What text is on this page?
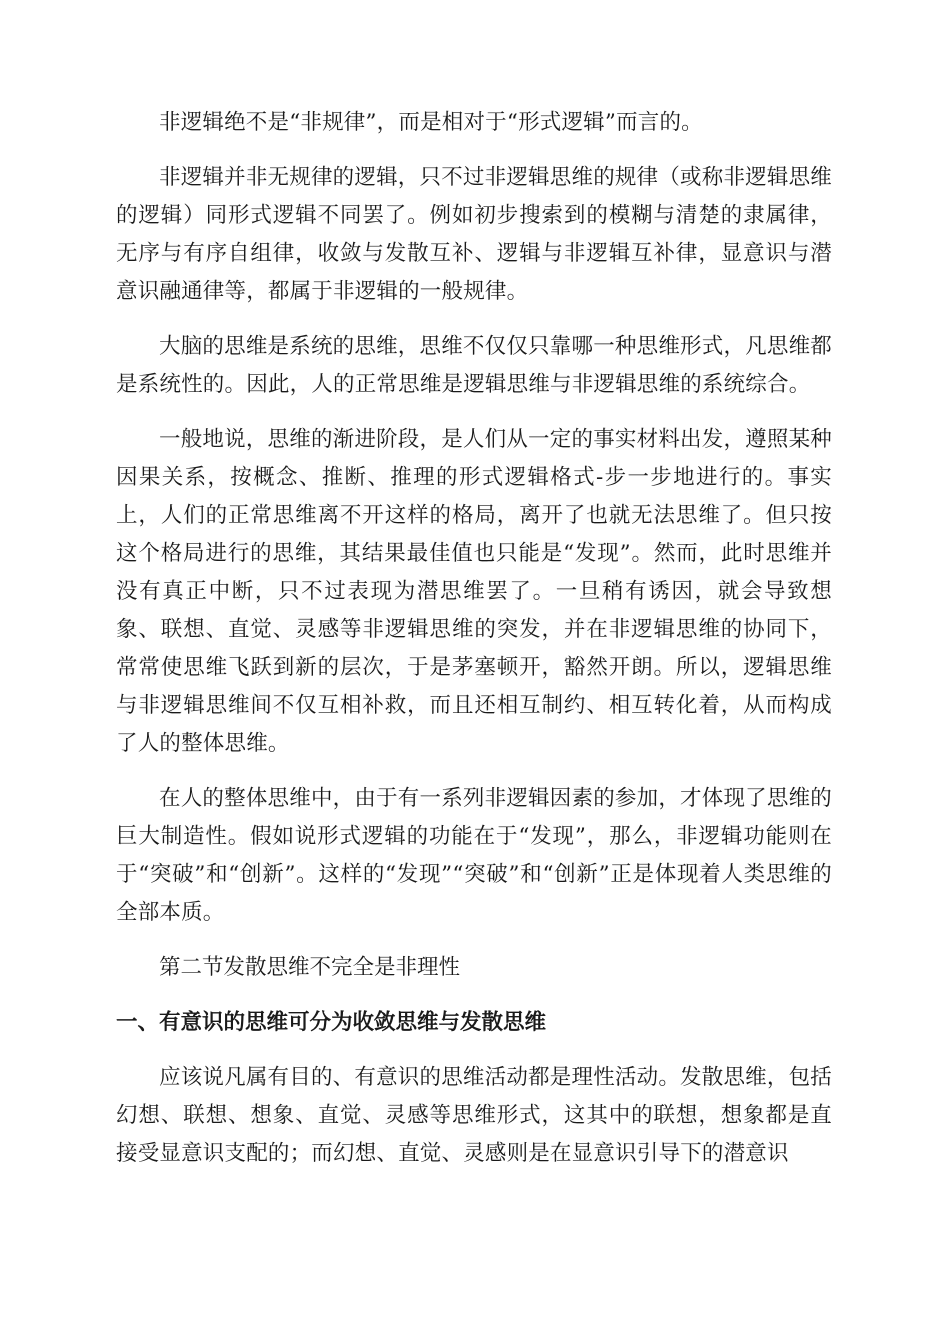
非逻辑绝不是“非规律”，而是相对于“形式逻辑”而言的。

非逻辑并非无规律的逻辑，只不过非逻辑思维的规律（或称非逻辑思维的逻辑）同形式逻辑不同罢了。例如初步搜索到的模糊与清楚的隶属律，无序与有序自组律，收敛与发散互补、逻辑与非逻辑互补律，显意识与潜意识融通律等，都属于非逻辑的一般规律。

大脑的思维是系统的思维，思维不仅仅只靠哪一种思维形式，凡思维都是系统性的。因此，人的正常思维是逻辑思维与非逻辑思维的系统综合。

一般地说，思维的渐进阶段，是人们从一定的事实材料出发，遵照某种因果关系，按概念、推断、推理的形式逻辑格式-步一步地进行的。事实上，人们的正常思维离不开这样的格局，离开了也就无法思维了。但只按这个格局进行的思维，其结果最佳值也只能是“发现”。然而，此时思维并没有真正中断，只不过表现为潜思维罢了。一旦稍有诱因，就会导致想象、联想、直觉、灵感等非逻辑思维的突发，并在非逻辑思维的协同下，常常使思维飞跃到新的层次，于是茅塞顿开，豁然开朗。所以，逻辑思维与非逻辑思维间不仅互相补救，而且还相互制约、相互转化着，从而构成了人的整体思维。

在人的整体思维中，由于有一系列非逻辑因素的参加，才体现了思维的巨大制造性。假如说形式逻辑的功能在于“发现”，那么，非逻辑功能则在于“突破”和“创新”。这样的“发现”“突破”和“创新”正是体现着人类思维的全部本质。

第二节发散思维不完全是非理性

一、有意识的思维可分为收敛思维与发散思维

应该说凡属有目的、有意识的思维活动都是理性活动。发散思维，包括幻想、联想、想象、直觉、灵感等思维形式，这其中的联想，想象都是直接受显意识支配的；而幻想、直觉、灵感则是在显意识引导下的潜意识
